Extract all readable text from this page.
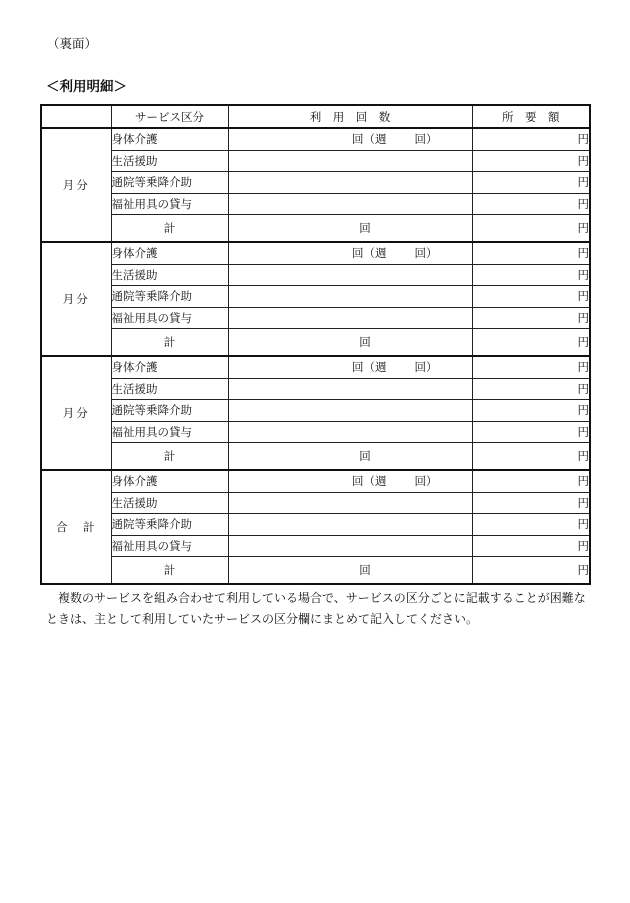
（裏面）
＜利用明細＞
	サービス区分	利　用　回　数	所　要　額
月分	身体介護	回（週 回）	円
	生活援助		円
	通院等乗降介助		円
	福祉用具の貸与		円
	計	回	円
月分	身体介護	回（週 回）	円
	生活援助		円
	通院等乗降介助		円
	福祉用具の貸与		円
	計	回	円
月分	身体介護	回（週 回）	円
	生活援助		円
	通院等乗降介助		円
	福祉用具の貸与		円
	計	回	円
合　計	身体介護	回（週 回）	円
	生活援助		円
	通院等乗降介助		円
	福祉用具の貸与		円
	計	回	円
複数のサービスを組み合わせて利用している場合で、サービスの区分ごとに記載することが困難なときは、主として利用していたサービスの区分欄にまとめて記入してください。
